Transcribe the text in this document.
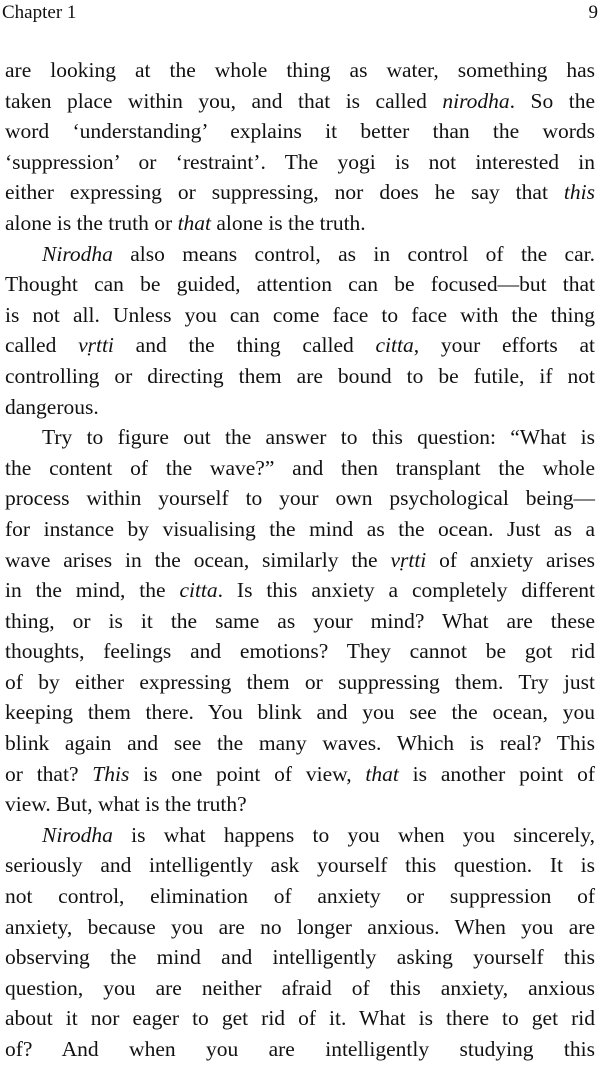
Chapter 1	9
are looking at the whole thing as water, something has
taken place within you, and that is called nirodha. So the
word ‘understanding’ explains it better than the words
‘suppression’ or ‘restraint’. The yogi is not interested in
either expressing or suppressing, nor does he say that this
alone is the truth or that alone is the truth.
Nirodha also means control, as in control of the car.
Thought can be guided, attention can be focused—but that
is not all. Unless you can come face to face with the thing
called vṛtti and the thing called citta, your efforts at
controlling or directing them are bound to be futile, if not
dangerous.
Try to figure out the answer to this question: “What is
the content of the wave?” and then transplant the whole
process within yourself to your own psychological being—
for instance by visualising the mind as the ocean. Just as a
wave arises in the ocean, similarly the vṛtti of anxiety arises
in the mind, the citta. Is this anxiety a completely different
thing, or is it the same as your mind? What are these
thoughts, feelings and emotions? They cannot be got rid
of by either expressing them or suppressing them. Try just
keeping them there. You blink and you see the ocean, you
blink again and see the many waves. Which is real? This
or that? This is one point of view, that is another point of
view. But, what is the truth?
Nirodha is what happens to you when you sincerely,
seriously and intelligently ask yourself this question. It is
not control, elimination of anxiety or suppression of
anxiety, because you are no longer anxious. When you are
observing the mind and intelligently asking yourself this
question, you are neither afraid of this anxiety, anxious
about it nor eager to get rid of it. What is there to get rid
of? And when you are intelligently studying this
